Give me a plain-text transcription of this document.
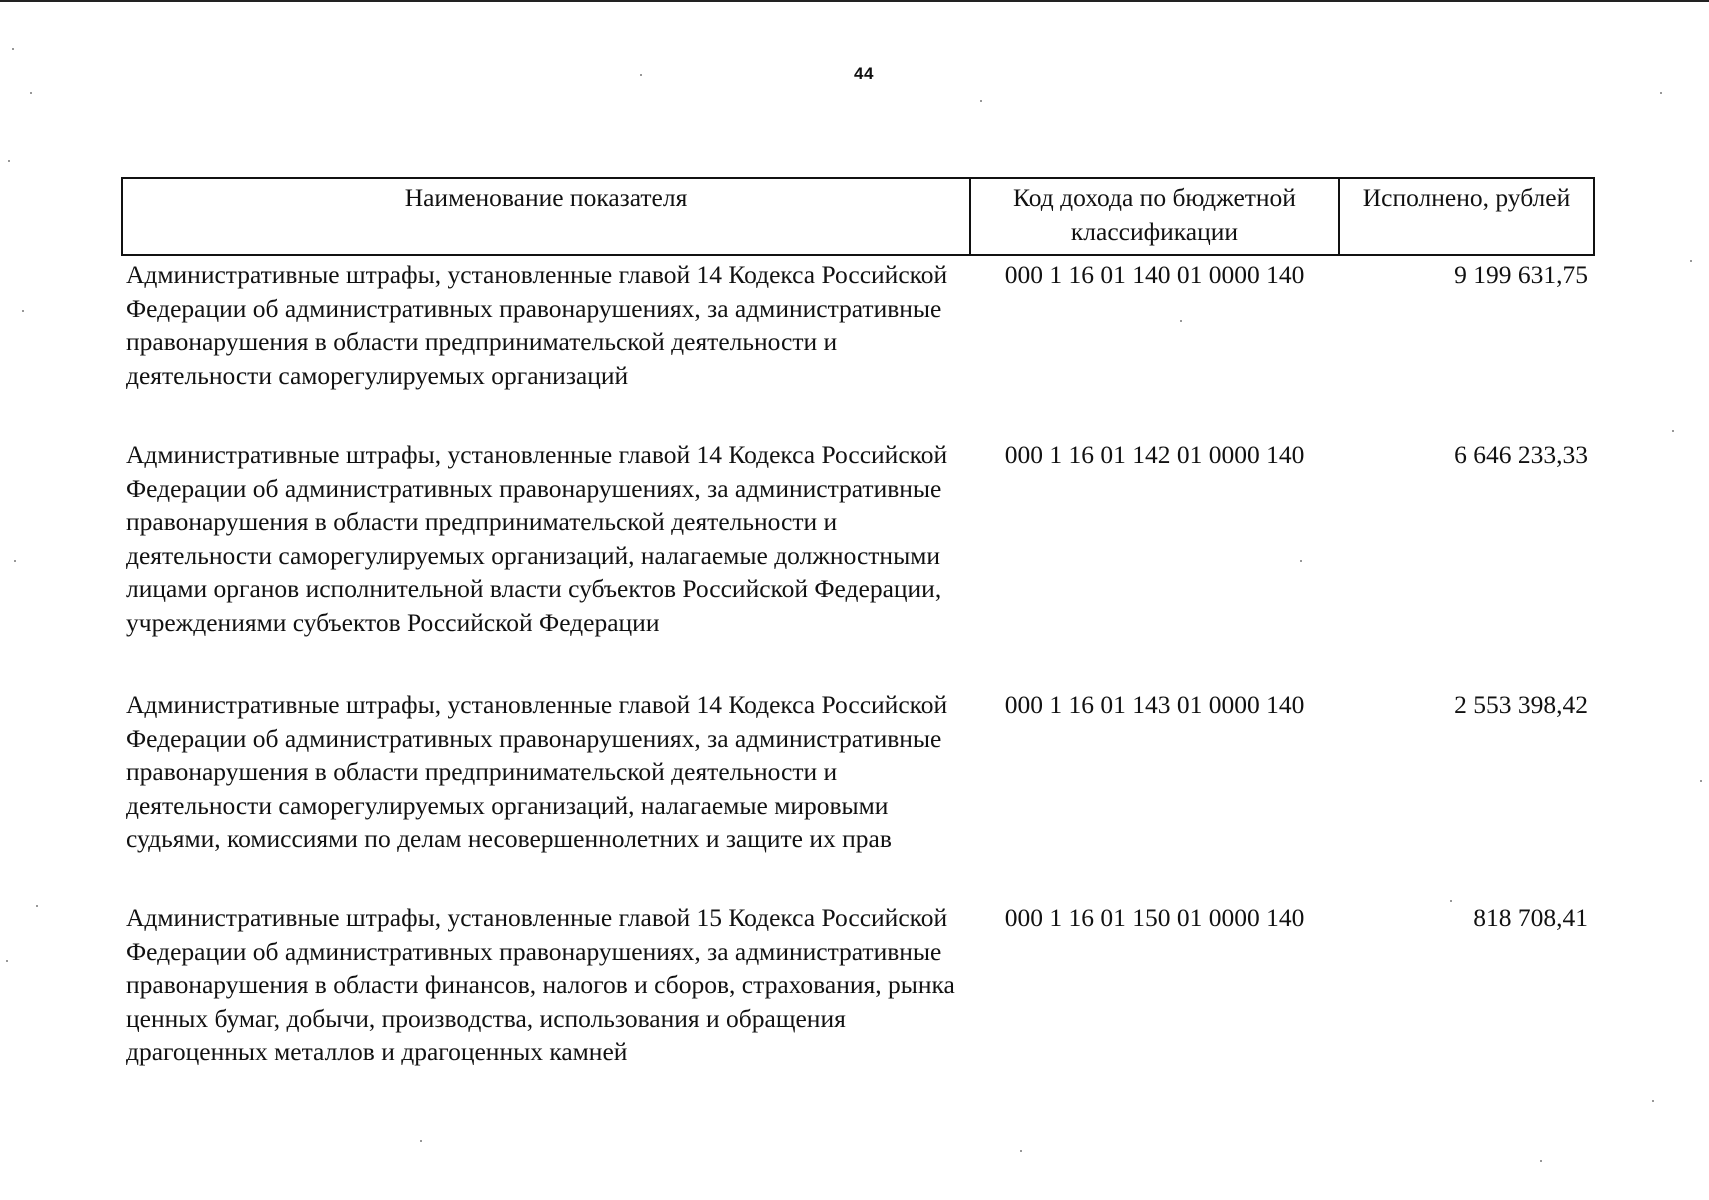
44
Наименование показателя	Код дохода по бюджетной классификации	Исполнено, рублей
Административные штрафы, установленные главой 14 Кодекса Российской Федерации об административных правонарушениях, за административные правонарушения в области предпринимательской деятельности и деятельности саморегулируемых организаций	000 1 16 01 140 01 0000 140	9 199 631,75
Административные штрафы, установленные главой 14 Кодекса Российской Федерации об административных правонарушениях, за административные правонарушения в области предпринимательской деятельности и деятельности саморегулируемых организаций, налагаемые должностными лицами органов исполнительной власти субъектов Российской Федерации, учреждениями субъектов Российской Федерации	000 1 16 01 142 01 0000 140	6 646 233,33
Административные штрафы, установленные главой 14 Кодекса Российской Федерации об административных правонарушениях, за административные правонарушения в области предпринимательской деятельности и деятельности саморегулируемых организаций, налагаемые мировыми судьями, комиссиями по делам несовершеннолетних и защите их прав	000 1 16 01 143 01 0000 140	2 553 398,42
Административные штрафы, установленные главой 15 Кодекса Российской Федерации об административных правонарушениях, за административные правонарушения в области финансов, налогов и сборов, страхования, рынка ценных бумаг, добычи, производства, использования и обращения драгоценных металлов и драгоценных камней	000 1 16 01 150 01 0000 140	818 708,41
